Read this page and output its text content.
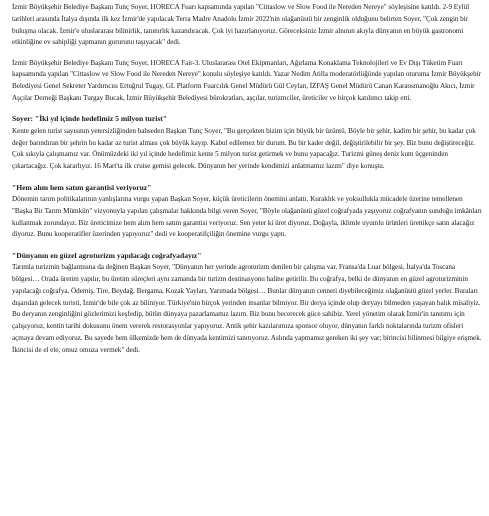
İzmir Büyükşehir Belediye Başkanı Tunç Soyer, HORECA Fuarı kapsamında yapılan "Cittaslow ve Slow Food ile Nereden Nereye" söyleşisine katıldı. 2-9 Eylül tarihleri arasında İtalya dışında ilk kez İzmir'de yapılacak Terra Madre Anadolu İzmir 2022'nin olağanüstü bir zenginlik olduğunu belirten Soyer, "Çok zengin bir buluşma olacak. İzmir'e uluslararası bilinirlik, tanınırlık kazandıracak. Çok iyi hazırlanıyoruz. Göreceksiniz İzmir alnının akıyla dünyanın en büyük gastronomi etkinliğine ev sahipliği yapmanın gururunu taşıyacak" dedi.

İzmir Büyükşehir Belediye Başkanı Tunç Soyer, HORECA Fair-3. Uluslararası Otel Ekipmanları, Ağırlama Konaklama Teknolojileri ve Ev Dışı Tüketim Fuarı kapsamında yapılan "Cittaslow ve Slow Food ile Nereden Nereye" konulu söyleşiye katıldı. Yazar Nedim Atilla moderatörlüğünde yapılan oturuma İzmir Büyükşehir Belediyesi Genel Sekreter Yardımcısı Ertuğrul Tugay, GL Platform Fuarcılık Genel Müdürü Gül Ceylan, İZFAŞ Genel Müdürü Canan Karaosmanoğlu Akıcı, İzmir Aşçılar Derneği Başkanı Turgay Bucak, İzmir Büyükşehir Belediyesi bürokratları, aşçılar, turizmciler, üreticiler ve birçok katılımcı takip etti.

Soyer: "İki yıl içinde hedefimiz 5 milyon turist"

Kente gelen turist sayısının yetersizliğinden bahseden Başkan Tunç Soyer, "Bu gerçekten bizim için büyük bir üzüntü. Böyle bir şehir, kadim bir şehir, bu kadar çok değer barındıran bir şehrin bu kadar az turist alması çok büyük kayıp. Kabul edilemez bir durum. Bu bir kader değil, değiştirilebilir bir şey. Biz bunu değiştireceğiz. Çok sıkıyla çalışmamız var. Önümüzdeki iki yıl içinde hedefimiz kente 5 milyon turist getirmek ve bunu yapacağız. Turizmi güneş deniz kum üçgeninden çıkartacağız. Çok kararlıyız. 16 Mart'ta ilk cruise gemisi gelecek. Dünyanın her yerinde kendimizi anlatmamız lazım" diye konuştu.

"Hem alım hem satım garantisi veriyoruz"

Dönemin tarım politikalarının yanlışlarına vurgu yapan Başkan Soyer, küçük üreticilerin önemini anlattı. Kuraklık ve yoksullukla mücadele üzerine temellenen "Başka Bir Tarım Mümkün" vizyonuyla yapılan çalışmalar hakkında bilgi veren Soyer, "Böyle olağanüstü güzel coğrafyada yaşıyoruz coğrafyanın sunduğu imkânları kullanmak zorundayız. Biz üreticimize hem alım hem satım garantisi veriyoruz. Sen yeter ki üret diyoruz. Doğayla, iklimle uyumlu ürünleri ürettikçe satın alacağız diyoruz. Bunu kooperatifler üzerinden yapıyoruz" dedi ve kooperatifçiliğin önemine vurgu yaptı.

"Dünyanın en güzel agroturizm yapılacağı coğrafyadayız"

Tarımla turizmin bağlantısına da değinen Başkan Soyer, "Dünyanın her yerinde agroturizm denilen bir çalışma var. Fransa'da Luar bölgesi, İtalya'da Toscana bölgesi… Orada üretim yapılır, bu üretim süreçleri aynı zamanda bir turizm destinasyonu haline getirilir. Bu coğrafya, belki de dünyanın en güzel agroturizminin yapılacağı coğrafya. Ödemiş, Tire, Beydağ, Bergama, Kozak Yayları, Yarımada bölgesi… Bunlar dünyanın cenneti diyebileceğimiz olağanüstü güzel yerler. Buraları dışarıdan gelecek turisti, İzmir'de bile çok az biliniyor. Türkiye'nin birçok yerinden insanlar bilmiyor. Bir derya içinde olup deryayı bilmeden yaşayan balık misaliyiz. Bu deryanın zenginliğini gözlerimizi keşfedip, bütün dünyaya pazarlamamız lazım. Biz bunu becerecek güce sahibiz. Yerel yönetim olarak İzmir'in tanıtımı için çalışıyoruz, kentin tarihi dokusunu önem vererek restorasyonlar yapıyoruz. Antik şehir kazılarımıza sponsor oluyor, dünyanın farklı noktalarında turizm ofisleri açmaya devam ediyoruz. Bu sayede hem ülkemizde hem de dünyada kentimizi tanıtıyoruz. Aslında yapmamız gereken iki şey var; birincisi bilinmesi bilgiye erişmek. İkincisi de el ele, omuz omuza vermek" dedi.
